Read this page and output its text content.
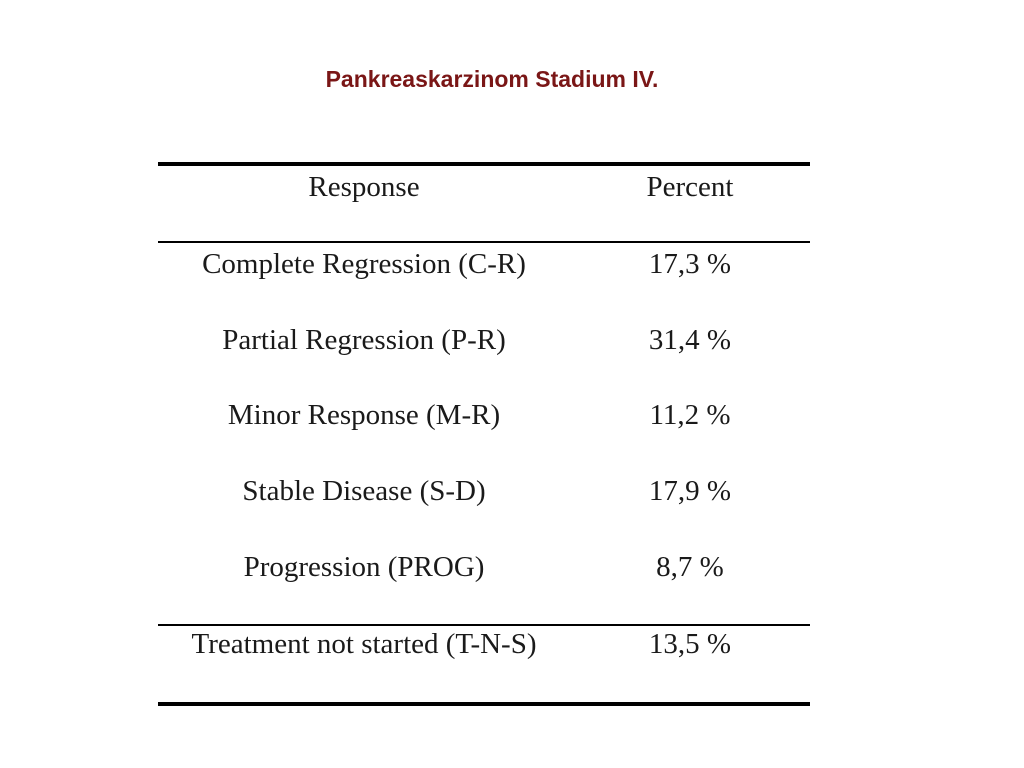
Pankreaskarzinom Stadium IV.
Response	Percent
Complete Regression (C-R)	17,3 %
Partial Regression (P-R)	31,4 %
Minor Response (M-R)	11,2 %
Stable Disease (S-D)	17,9 %
Progression (PROG)	8,7 %
Treatment not started (T-N-S)	13,5 %
